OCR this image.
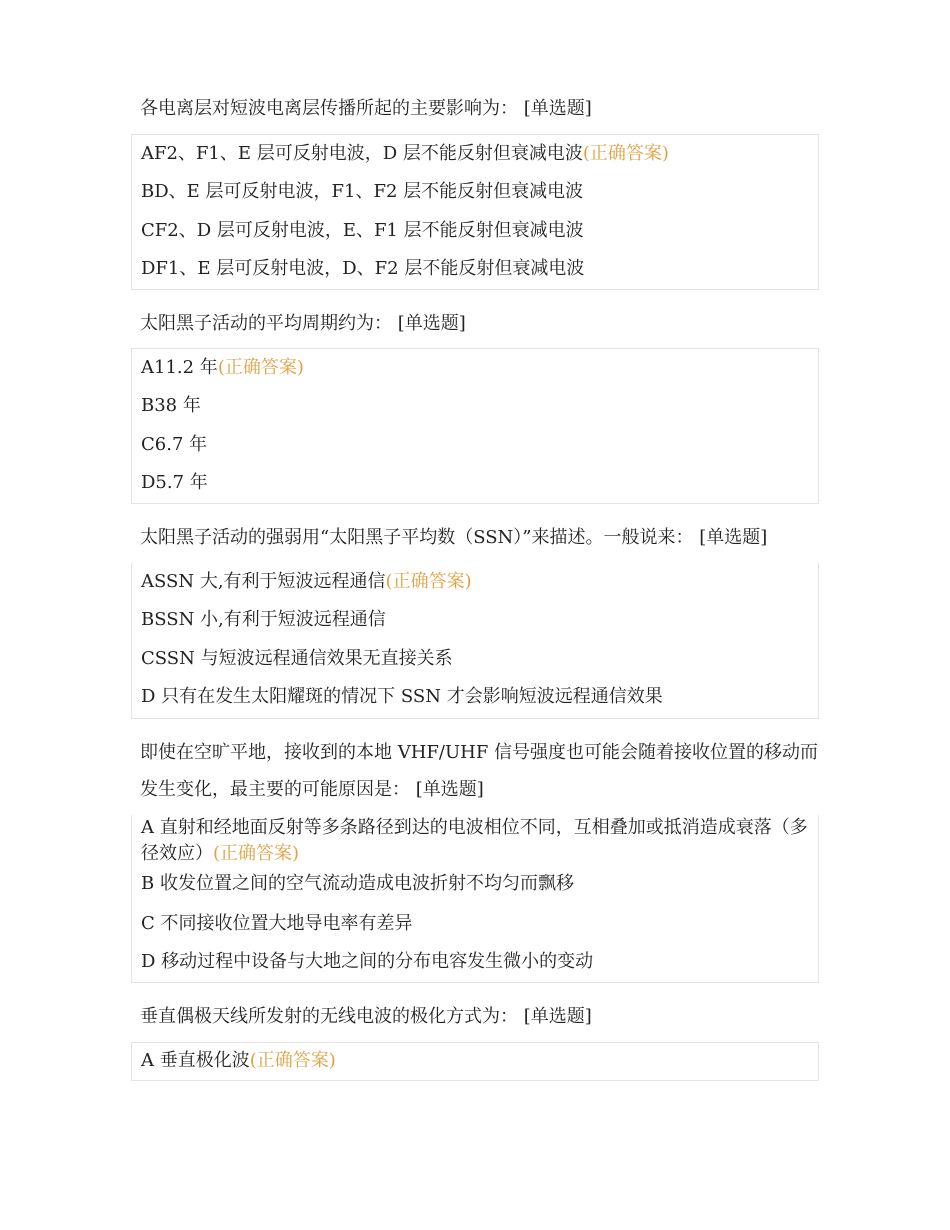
各电离层对短波电离层传播所起的主要影响为： [单选题]

AF2、F1、E 层可反射电波，D 层不能反射但衰减电波(正确答案)
BD、E 层可反射电波，F1、F2 层不能反射但衰减电波
CF2、D 层可反射电波，E、F1 层不能反射但衰减电波
DF1、E 层可反射电波，D、F2 层不能反射但衰减电波

太阳黑子活动的平均周期约为： [单选题]

A11.2 年(正确答案)
B38 年
C6.7 年
D5.7 年

太阳黑子活动的强弱用“太阳黑子平均数（SSN）”来描述。一般说来： [单选题]

ASSN 大,有利于短波远程通信(正确答案)
BSSN 小,有利于短波远程通信
CSSN 与短波远程通信效果无直接关系
D 只有在发生太阳耀斑的情况下 SSN 才会影响短波远程通信效果

即使在空旷平地，接收到的本地 VHF/UHF 信号强度也可能会随着接收位置的移动而发生变化，最主要的可能原因是： [单选题]

A 直射和经地面反射等多条路径到达的电波相位不同，互相叠加或抵消造成衰落（多径效应）(正确答案)
B 收发位置之间的空气流动造成电波折射不均匀而飘移
C 不同接收位置大地导电率有差异
D 移动过程中设备与大地之间的分布电容发生微小的变动

垂直偶极天线所发射的无线电波的极化方式为： [单选题]

A 垂直极化波(正确答案)
